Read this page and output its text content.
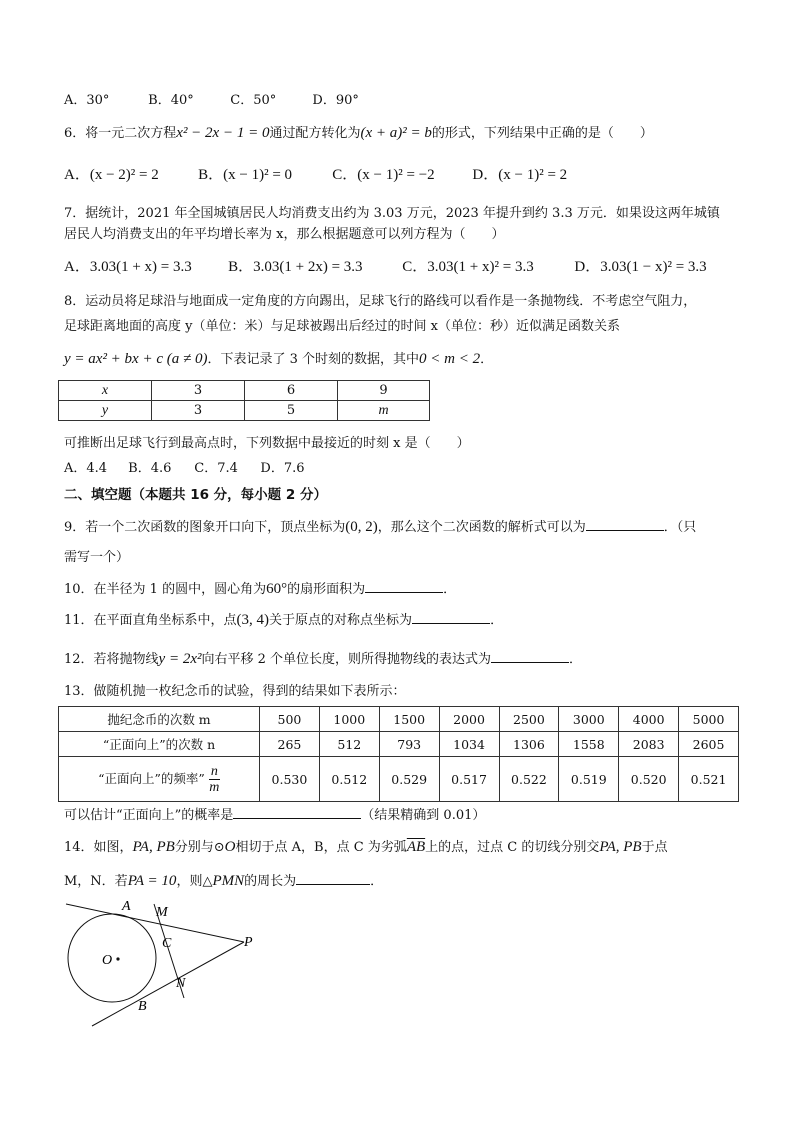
A．30°	B．40°	C．50°	D．90°
6．将一元二次方程x² − 2x − 1 = 0通过配方转化为(x + a)² = b的形式，下列结果中正确的是（　　）
A．(x − 2)² = 2	B．(x − 1)² = 0	C．(x − 1)² = −2	D．(x − 1)² = 2
7．据统计，2021 年全国城镇居民人均消费支出约为 3.03 万元，2023 年提升到约 3.3 万元．如果设这两年城镇
居民人均消费支出的年平均增长率为 x，那么根据题意可以列方程为（　　）
A．3.03(1 + x) = 3.3 B．3.03(1 + 2x) = 3.3	C．3.03(1 + x)² = 3.3	D．3.03(1 − x)² = 3.3
8．运动员将足球沿与地面成一定角度的方向踢出，足球飞行的路线可以看作是一条抛物线．不考虑空气阻力，
足球距离地面的高度 y（单位：米）与足球被踢出后经过的时间 x（单位：秒）近似满足函数关系
y = ax² + bx + c (a ≠ 0)．下表记录了 3 个时刻的数据，其中0 < m < 2．
x	3	6	9
y	3	5	m
可推断出足球飞行到最高点时，下列数据中最接近的时刻 x 是（　　）
A．4.4 B．4.6 C．7.4 D．7.6
二、填空题（本题共 16 分，每小题 2 分）
9．若一个二次函数的图象开口向下，顶点坐标为(0, 2)，那么这个二次函数的解析式可以为	．（只
需写一个）
10．在半径为 1 的圆中，圆心角为60°的扇形面积为	．
11．在平面直角坐标系中，点(3, 4)关于原点的对称点坐标为	．
12．若将抛物线y = 2x²向右平移 2 个单位长度，则所得抛物线的表达式为	．
13．做随机抛一枚纪念币的试验，得到的结果如下表所示：
抛纪念币的次数 m	500	1000	1500	2000	2500	3000	4000	5000
“正面向上”的次数 n	265	512	793	1034	1306	1558	2083	2605
“正面向上”的频率” $\frac{n}{m}$	0.530	0.512	0.529	0.517	0.522	0.519	0.520	0.521
可以估计“正面向上”的概率是	（结果精确到 0.01）
14．如图，PA, PB分别与⊙O相切于点 A，B，点 C 为劣弧$\overline{AB}$上的点，过点 C 的切线分别交PA, PB于点
M，N．若PA = 10，则△PMN的周长为	．
A M
C	P
O
N
B
